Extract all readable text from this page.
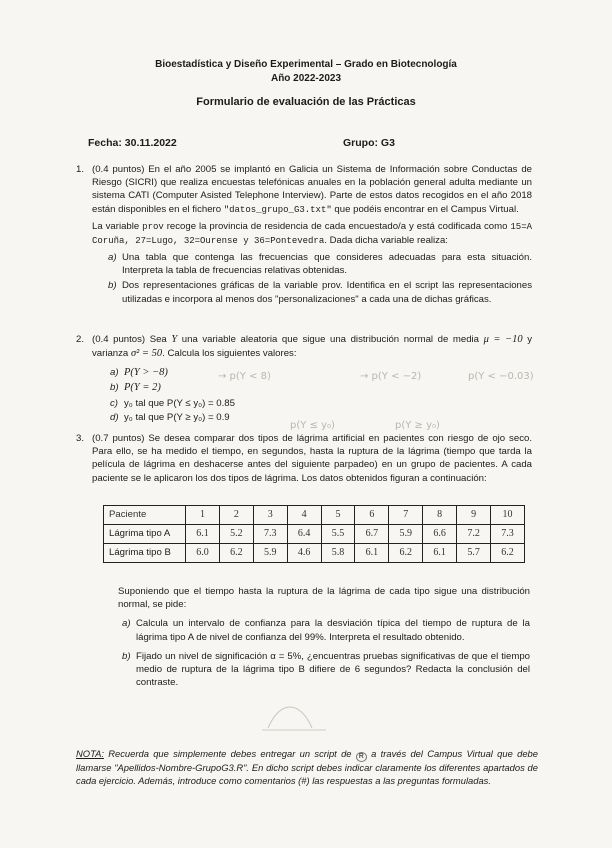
→ p(Y < 8)	→ p(Y < −2)	p(Y < −0.03)
p(Y ≥ y₀)
p(Y ≤ y₀)
Bioestadística y Diseño Experimental – Grado en Biotecnología
Año 2022-2023
Formulario de evaluación de las Prácticas
Fecha: 30.11.2022	Grupo: G3
1. (0.4 puntos) En el año 2005 se implantó en Galicia un Sistema de Información sobre Conductas de Riesgo (SICRI) que realiza encuestas telefónicas anuales en la población general adulta mediante un sistema CATI (Computer Asisted Telephone Interview). Parte de estos datos recogidos en el año 2018 están disponibles en el fichero "datos_grupo_G3.txt" que podéis encontrar en el Campus Virtual.
La variable prov recoge la provincia de residencia de cada encuestado/a y está codificada como 15=A Coruña, 27=Lugo, 32=Ourense y 36=Pontevedra. Dada dicha variable realiza:
a) Una tabla que contenga las frecuencias que consideres adecuadas para esta situación. Interpreta la tabla de frecuencias relativas obtenidas.
b) Dos representaciones gráficas de la variable prov. Identifica en el script las representaciones utilizadas e incorpora al menos dos "personalizaciones" a cada una de dichas gráficas.
2. (0.4 puntos) Sea Y una variable aleatoria que sigue una distribución normal de media μ = −10 y varianza σ² = 50. Calcula los siguientes valores:
a) P(Y > −8)
b) P(Y = 2)
c) y₀ tal que P(Y ≤ y₀) = 0.85
d) y₀ tal que P(Y ≥ y₀) = 0.9
3. (0.7 puntos) Se desea comparar dos tipos de lágrima artificial en pacientes con riesgo de ojo seco. Para ello, se ha medido el tiempo, en segundos, hasta la ruptura de la lágrima (tiempo que tarda la película de lágrima en deshacerse antes del siguiente parpadeo) en un grupo de pacientes. A cada paciente se le aplicaron los dos tipos de lágrima. Los datos obtenidos figuran a continuación:
Paciente	1	2	3	4	5	6	7	8	9	10
Lágrima tipo A	6.1	5.2	7.3	6.4	5.5	6.7	5.9	6.6	7.2	7.3
Lágrima tipo B	6.0	6.2	5.9	4.6	5.8	6.1	6.2	6.1	5.7	6.2
Suponiendo que el tiempo hasta la ruptura de la lágrima de cada tipo sigue una distribución normal, se pide:
a) Calcula un intervalo de confianza para la desviación típica del tiempo de ruptura de la lágrima tipo A de nivel de confianza del 99%. Interpreta el resultado obtenido.
b) Fijado un nivel de significación α = 5%, ¿encuentras pruebas significativas de que el tiempo medio de ruptura de la lágrima tipo B difiere de 6 segundos? Redacta la conclusión del contraste.
NOTA: Recuerda que simplemente debes entregar un script de R a través del Campus Virtual que debe llamarse "Apellidos-Nombre-GrupoG3.R". En dicho script debes indicar claramente los diferentes apartados de cada ejercicio. Además, introduce como comentarios (#) las respuestas a las preguntas formuladas.
